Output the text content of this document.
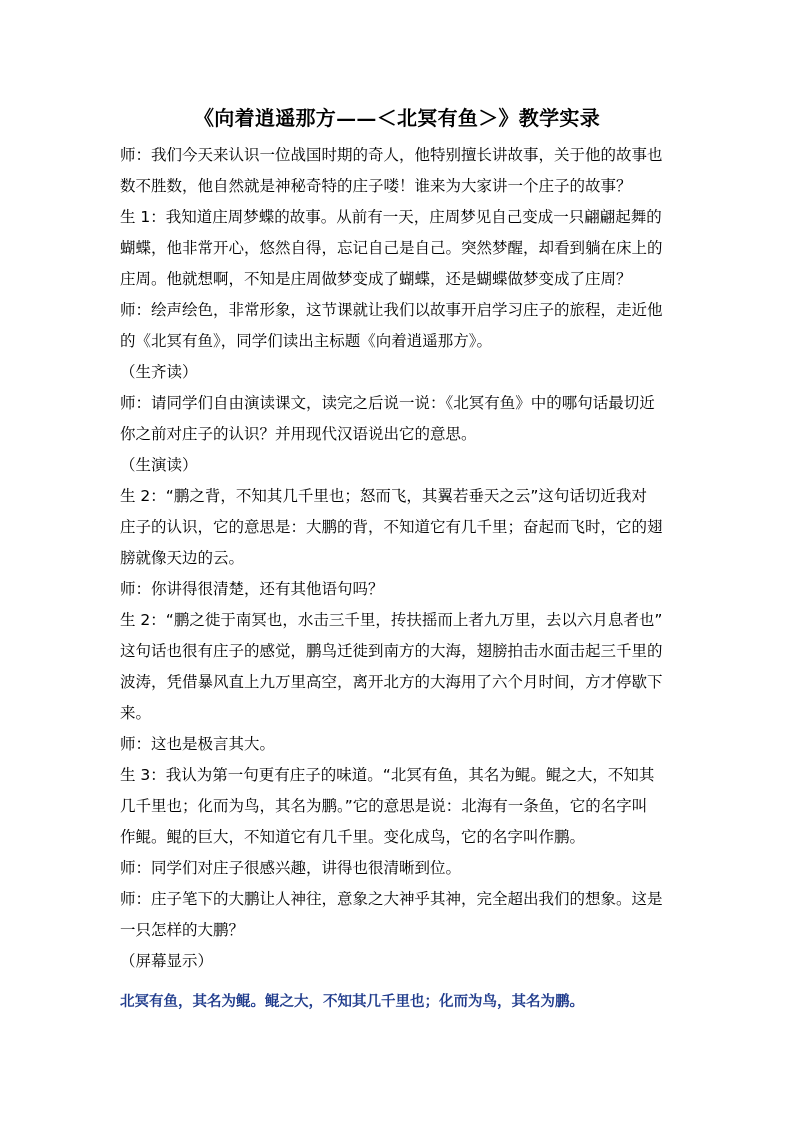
《向着逍遥那方——＜北冥有鱼＞》教学实录
师：我们今天来认识一位战国时期的奇人，他特别擅长讲故事，关于他的故事也
数不胜数，他自然就是神秘奇特的庄子喽！谁来为大家讲一个庄子的故事？
生 1：我知道庄周梦蝶的故事。从前有一天，庄周梦见自己变成一只翩翩起舞的
蝴蝶，他非常开心，悠然自得，忘记自己是自己。突然梦醒，却看到躺在床上的
庄周。他就想啊，不知是庄周做梦变成了蝴蝶，还是蝴蝶做梦变成了庄周？
师：绘声绘色，非常形象，这节课就让我们以故事开启学习庄子的旅程，走近他
的《北冥有鱼》，同学们读出主标题《向着逍遥那方》。
（生齐读）
师：请同学们自由演读课文，读完之后说一说：《北冥有鱼》中的哪句话最切近
你之前对庄子的认识？并用现代汉语说出它的意思。
（生演读）
生 2：“鹏之背，不知其几千里也；怒而飞，其翼若垂天之云”这句话切近我对
庄子的认识，它的意思是：大鹏的背，不知道它有几千里；奋起而飞时，它的翅
膀就像天边的云。
师：你讲得很清楚，还有其他语句吗？
生 2：“鹏之徙于南冥也，水击三千里，抟扶摇而上者九万里，去以六月息者也”
这句话也很有庄子的感觉，鹏鸟迁徙到南方的大海，翅膀拍击水面击起三千里的
波涛，凭借暴风直上九万里高空，离开北方的大海用了六个月时间，方才停歇下
来。
师：这也是极言其大。
生 3：我认为第一句更有庄子的味道。“北冥有鱼，其名为鲲。鲲之大，不知其
几千里也；化而为鸟，其名为鹏。”它的意思是说：北海有一条鱼，它的名字叫
作鲲。鲲的巨大，不知道它有几千里。变化成鸟，它的名字叫作鹏。
师：同学们对庄子很感兴趣，讲得也很清晰到位。
师：庄子笔下的大鹏让人神往，意象之大神乎其神，完全超出我们的想象。这是
一只怎样的大鹏？
（屏幕显示）
北冥有鱼，其名为鲲。鲲之大，不知其几千里也；化而为鸟，其名为鹏。
